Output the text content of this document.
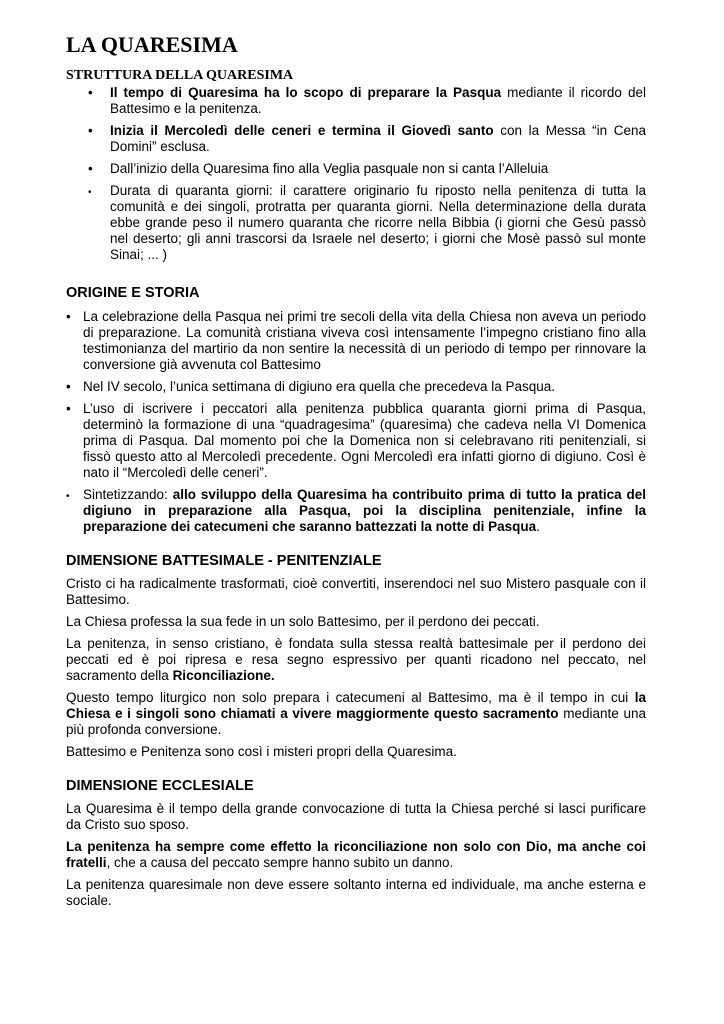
LA QUARESIMA
STRUTTURA DELLA QUARESIMA
• Il tempo di Quaresima ha lo scopo di preparare la Pasqua mediante il ricordo del Battesimo e la penitenza.
• Inizia il Mercoledì delle ceneri e termina il Giovedì santo con la Messa “in Cena Domini” esclusa.
• Dall’inizio della Quaresima fino alla Veglia pasquale non si canta l’Alleluia
• Durata di quaranta giorni: il carattere originario fu riposto nella penitenza di tutta la comunità e dei singoli, protratta per quaranta giorni. Nella determinazione della durata ebbe grande peso il numero quaranta che ricorre nella Bibbia (i giorni che Gesù passò nel deserto; gli anni trascorsi da Israele nel deserto; i giorni che Mosè passò sul monte Sinai; ... )
ORIGINE E STORIA
• La celebrazione della Pasqua nei primi tre secoli della vita della Chiesa non aveva un periodo di preparazione. La comunità cristiana viveva così intensamente l’impegno cristiano fino alla testimonianza del martirio da non sentire la necessità di un periodo di tempo per rinnovare la conversione già avvenuta col Battesimo
• Nel IV secolo, l’unica settimana di digiuno era quella che precedeva la Pasqua.
• L’uso di iscrivere i peccatori alla penitenza pubblica quaranta giorni prima di Pasqua, determinò la formazione di una “quadragesima” (quaresima) che cadeva nella VI Domenica prima di Pasqua. Dal momento poi che la Domenica non si celebravano riti penitenziali, si fissò questo atto al Mercoledì precedente. Ogni Mercoledì era infatti giorno di digiuno. Così è nato il “Mercoledì delle ceneri”.
• Sintetizzando: allo sviluppo della Quaresima ha contribuito prima di tutto la pratica del digiuno in preparazione alla Pasqua, poi la disciplina penitenziale, infine la preparazione dei catecumeni che saranno battezzati la notte di Pasqua.
DIMENSIONE BATTESIMALE - PENITENZIALE

Cristo ci ha radicalmente trasformati, cioè convertiti, inserendoci nel suo Mistero pasquale con il Battesimo.

La Chiesa professa la sua fede in un solo Battesimo, per il perdono dei peccati.

La penitenza, in senso cristiano, è fondata sulla stessa realtà battesimale per il perdono dei peccati ed è poi ripresa e resa segno espressivo per quanti ricadono nel peccato, nel sacramento della Riconciliazione.

Questo tempo liturgico non solo prepara i catecumeni al Battesimo, ma è il tempo in cui la Chiesa e i singoli sono chiamati a vivere maggiormente questo sacramento mediante una più profonda conversione.

Battesimo e Penitenza sono così i misteri propri della Quaresima.

DIMENSIONE ECCLESIALE

La Quaresima è il tempo della grande convocazione di tutta la Chiesa perché si lasci purificare da Cristo suo sposo.

La penitenza ha sempre come effetto la riconciliazione non solo con Dio, ma anche coi fratelli, che a causa del peccato sempre hanno subito un danno.

La penitenza quaresimale non deve essere soltanto interna ed individuale, ma anche esterna e sociale.
